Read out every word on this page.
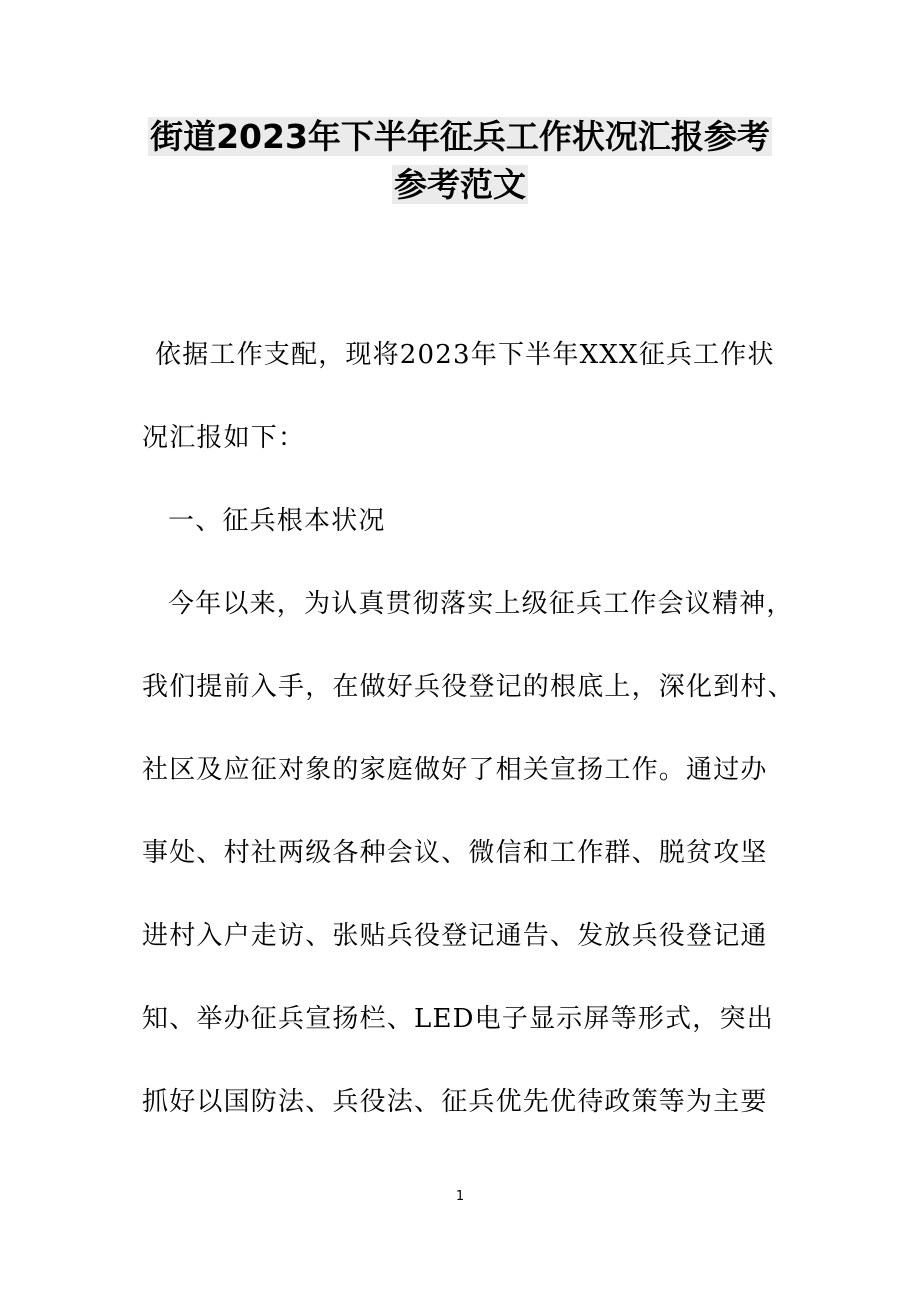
街道2023年下半年征兵工作状况汇报参考
参考范文
依据工作支配，现将2023年下半年XXX征兵工作状
况汇报如下：
一、征兵根本状况
今年以来，为认真贯彻落实上级征兵工作会议精神，
我们提前入手，在做好兵役登记的根底上，深化到村、
社区及应征对象的家庭做好了相关宣扬工作。通过办
事处、村社两级各种会议、微信和工作群、脱贫攻坚
进村入户走访、张贴兵役登记通告、发放兵役登记通
知、举办征兵宣扬栏、LED电子显示屏等形式，突出
抓好以国防法、兵役法、征兵优先优待政策等为主要
1
